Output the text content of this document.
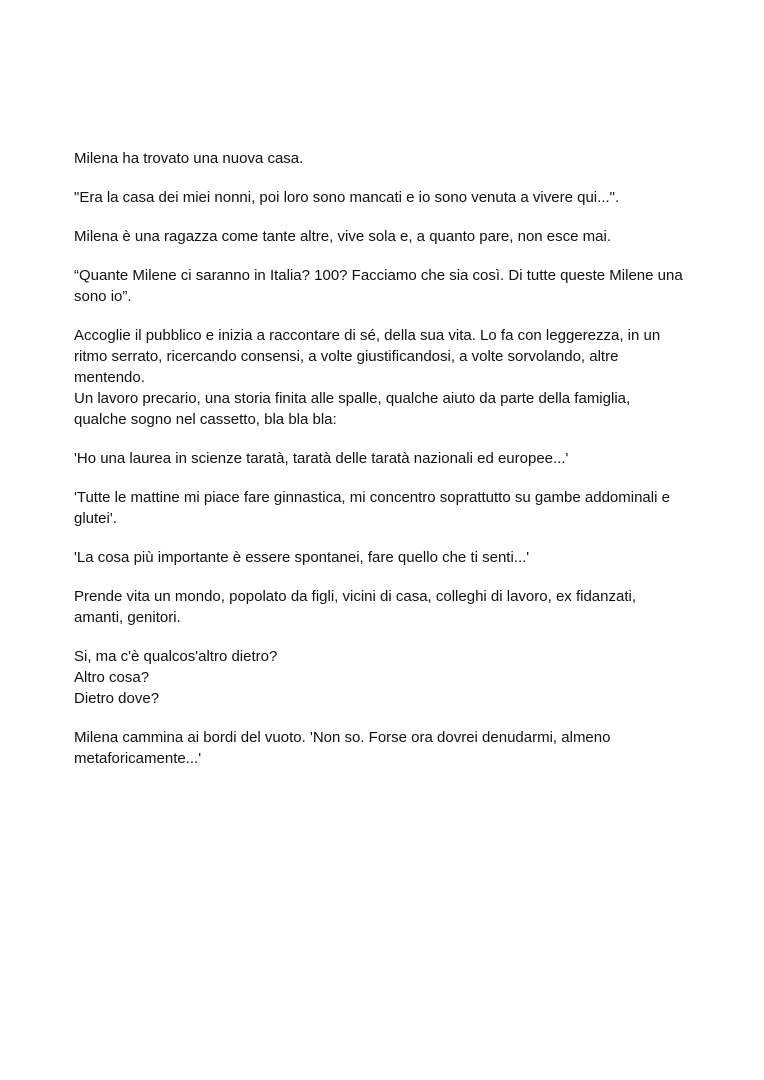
Milena ha trovato una nuova casa.

"Era la casa dei miei nonni, poi loro sono mancati e io sono venuta a vivere qui...".

Milena è una ragazza come tante altre, vive sola e, a quanto pare, non esce mai.

“Quante Milene ci saranno in Italia? 100? Facciamo che sia così. Di tutte queste Milene una
sono io”.

Accoglie il pubblico e inizia a raccontare di sé, della sua vita. Lo fa con leggerezza, in un
ritmo serrato, ricercando consensi, a volte giustificandosi, a volte sorvolando, altre
mentendo.
Un lavoro precario, una storia finita alle spalle, qualche aiuto da parte della famiglia,
qualche sogno nel cassetto, bla bla bla:

'Ho una laurea in scienze taratà, taratà delle taratà nazionali ed europee...'

'Tutte le mattine mi piace fare ginnastica, mi concentro soprattutto su gambe addominali e
glutei'.

'La cosa più importante è essere spontanei, fare quello che ti senti...'

Prende vita un mondo, popolato da figli, vicini di casa, colleghi di lavoro, ex fidanzati,
amanti, genitori.

Si, ma c'è qualcos'altro dietro?
Altro cosa?
Dietro dove?

Milena cammina ai bordi del vuoto. 'Non so. Forse ora dovrei denudarmi, almeno
metaforicamente...'
